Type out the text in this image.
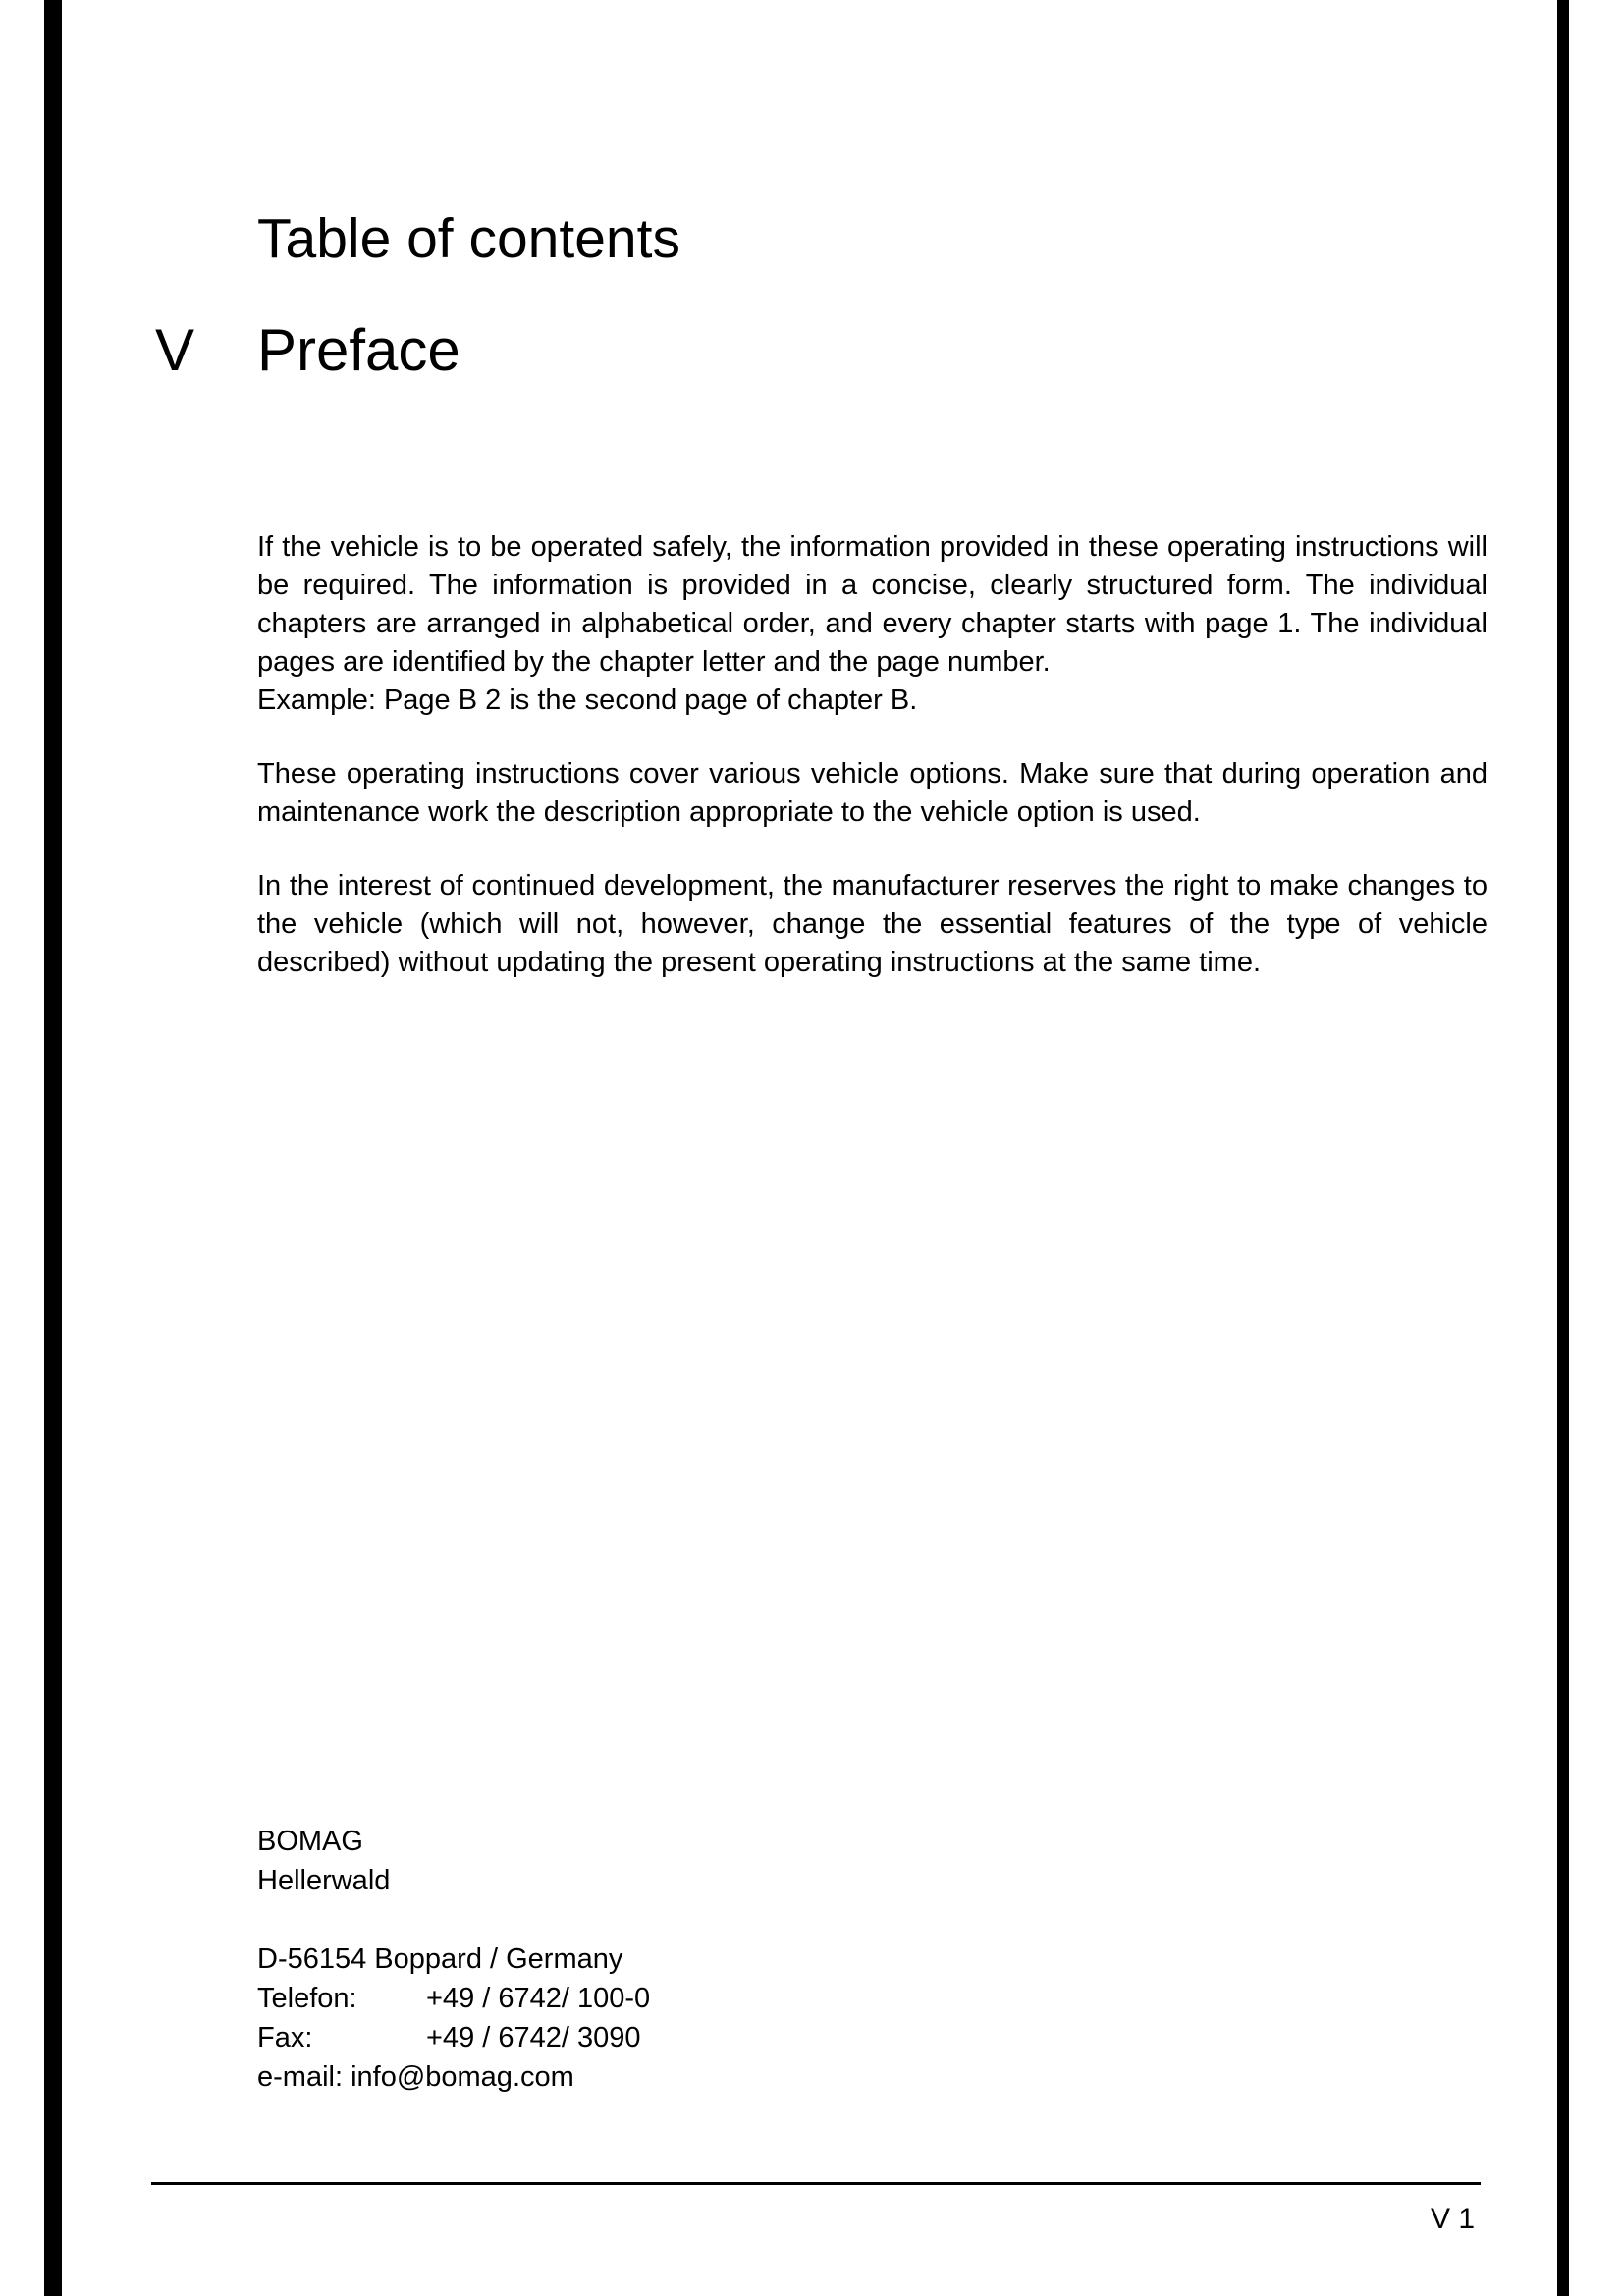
Table of contents
V Preface

If the vehicle is to be operated safely, the information provided in these operating instructions will be required. The information is provided in a concise, clearly structured form. The individual chapters are arranged in alphabetical order, and every chapter starts with page 1. The individual pages are identified by the chapter letter and the page number.

Example: Page B 2 is the second page of chapter B.

These operating instructions cover various vehicle options. Make sure that during operation and maintenance work the description appropriate to the vehicle option is used.

In the interest of continued development, the manufacturer reserves the right to make changes to the vehicle (which will not, however, change the essential features of the type of vehicle described) without updating the present operating instructions at the same time.

BOMAG
Hellerwald
D-56154 Boppard / Germany
Telefon:	+49 / 6742/ 100-0
Fax:	+49 / 6742/ 3090
e-mail: info@bomag.com
V 1
